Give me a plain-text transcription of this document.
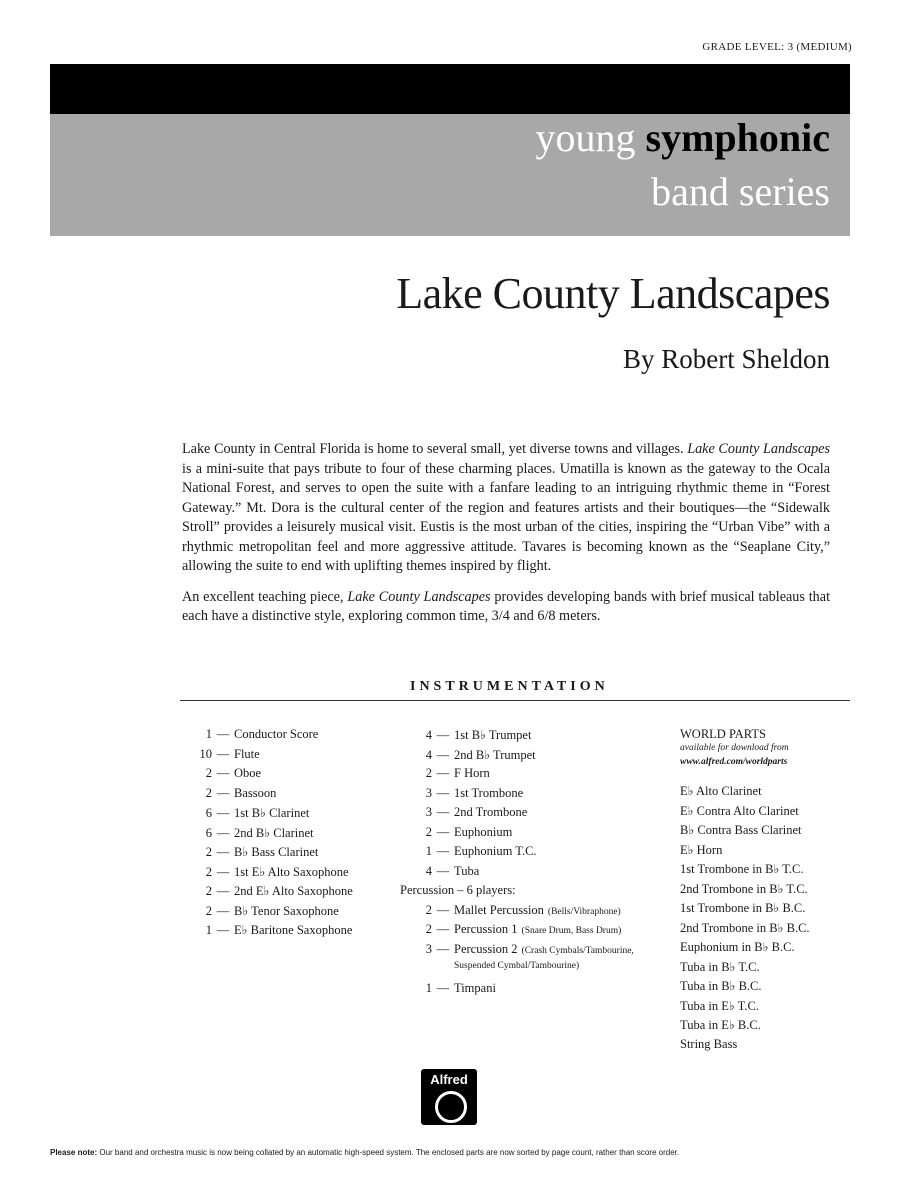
GRADE LEVEL: 3 (MEDIUM)
young symphonic
band series
Lake County Landscapes
By Robert Sheldon

Lake County in Central Florida is home to several small, yet diverse towns and villages. Lake County Landscapes is a mini-suite that pays tribute to four of these charming places. Umatilla is known as the gateway to the Ocala National Forest, and serves to open the suite with a fanfare leading to an intriguing rhythmic theme in “Forest Gateway.” Mt. Dora is the cultural center of the region and features artists and their boutiques—the “Sidewalk Stroll” provides a leisurely musical visit. Eustis is the most urban of the cities, inspiring the “Urban Vibe” with a rhythmic metropolitan feel and more aggressive attitude. Tavares is becoming known as the “Seaplane City,” allowing the suite to end with uplifting themes inspired by flight.

An excellent teaching piece, Lake County Landscapes provides developing bands with brief musical tableaus that each have a distinctive style, exploring common time, 3/4 and 6/8 meters.

INSTRUMENTATION
1 — Conductor Score
10 — Flute
2 — Oboe
2 — Bassoon
6 — 1st B♭ Clarinet
6 — 2nd B♭ Clarinet
2 — B♭ Bass Clarinet
2 — 1st E♭ Alto Saxophone
2 — 2nd E♭ Alto Saxophone
2 — B♭ Tenor Saxophone
1 — E♭ Baritone Saxophone
4 — 1st B♭ Trumpet
4 — 2nd B♭ Trumpet
2 — F Horn
3 — 1st Trombone
3 — 2nd Trombone
2 — Euphonium
1 — Euphonium T.C.
4 — Tuba
Percussion – 6 players:
2 — Mallet Percussion (Bells/Vibraphone)
2 — Percussion 1 (Snare Drum, Bass Drum)
3 — Percussion 2 (Crash Cymbals/Tambourine,
Suspended Cymbal/Tambourine)
1 — Timpani
WORLD PARTS
available for download from
www.alfred.com/worldparts
E♭ Alto Clarinet
E♭ Contra Alto Clarinet
B♭ Contra Bass Clarinet
E♭ Horn
1st Trombone in B♭ T.C.
2nd Trombone in B♭ T.C.
1st Trombone in B♭ B.C.
2nd Trombone in B♭ B.C.
Euphonium in B♭ B.C.
Tuba in B♭ T.C.
Tuba in B♭ B.C.
Tuba in E♭ T.C.
Tuba in E♭ B.C.
String Bass
Alfred
Please note: Our band and orchestra music is now being collated by an automatic high-speed system. The enclosed parts are now sorted by page count, rather than score order.
